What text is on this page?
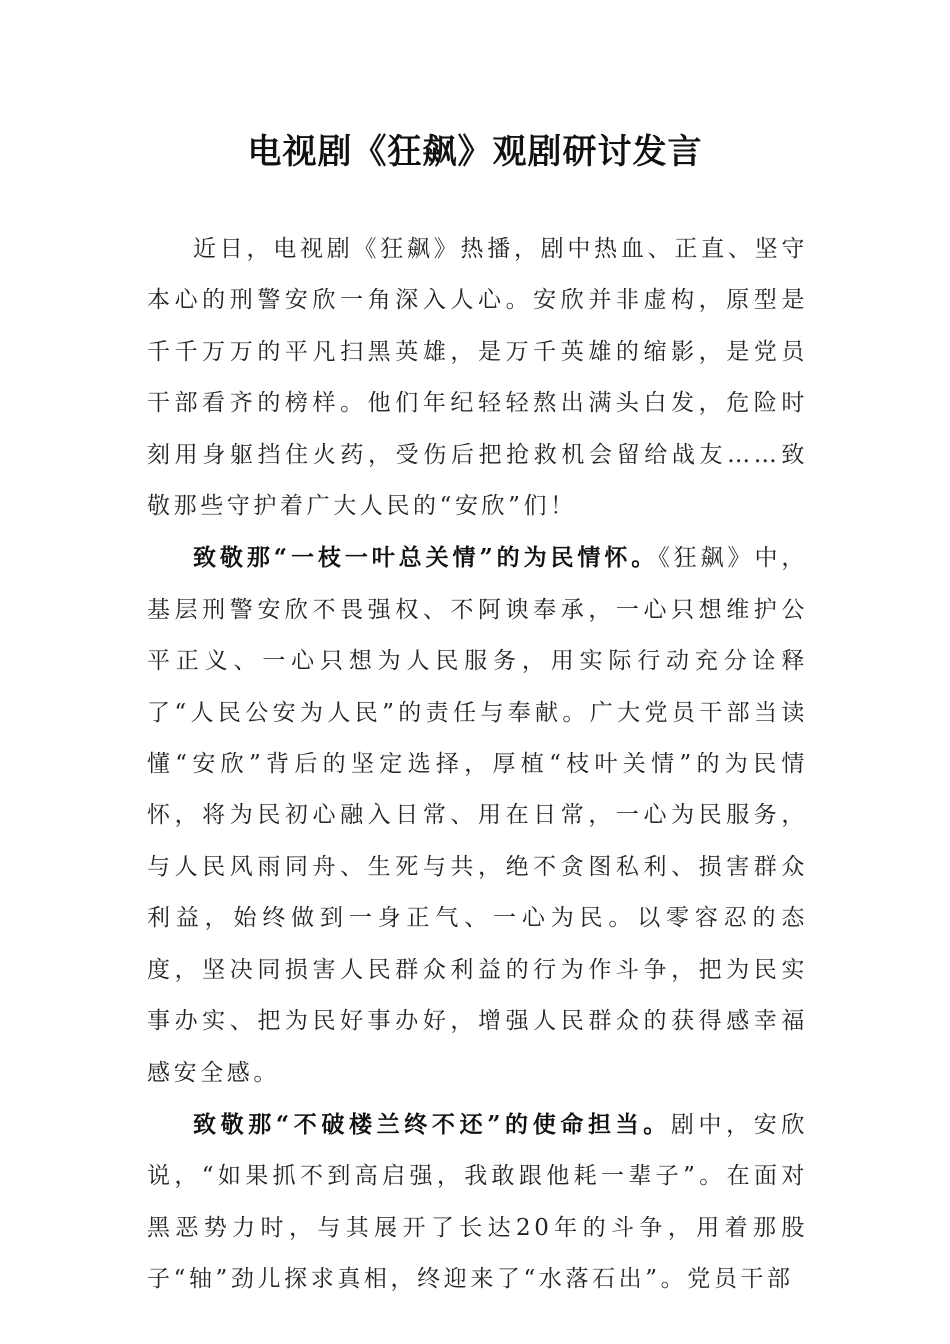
电视剧《狂飙》观剧研讨发言

近日，电视剧《狂飙》热播，剧中热血、正直、坚守本心的刑警安欣一角深入人心。安欣并非虚构，原型是千千万万的平凡扫黑英雄，是万千英雄的缩影，是党员干部看齐的榜样。他们年纪轻轻熬出满头白发，危险时刻用身躯挡住火药，受伤后把抢救机会留给战友……致敬那些守护着广大人民的“安欣”们！

致敬那“一枝一叶总关情”的为民情怀。《狂飙》中，基层刑警安欣不畏强权、不阿谀奉承，一心只想维护公平正义、一心只想为人民服务，用实际行动充分诠释了“人民公安为人民”的责任与奉献。广大党员干部当读懂“安欣”背后的坚定选择，厚植“枝叶关情”的为民情怀，将为民初心融入日常、用在日常，一心为民服务，与人民风雨同舟、生死与共，绝不贪图私利、损害群众利益，始终做到一身正气、一心为民。以零容忍的态度，坚决同损害人民群众利益的行为作斗争，把为民实事办实、把为民好事办好，增强人民群众的获得感幸福感安全感。

致敬那“不破楼兰终不还”的使命担当。剧中，安欣说，“如果抓不到高启强，我敢跟他耗一辈子”。在面对黑恶势力时，与其展开了长达20年的斗争，用着那股子“轴”劲儿探求真相，终迎来了“水落石出”。党员干部
